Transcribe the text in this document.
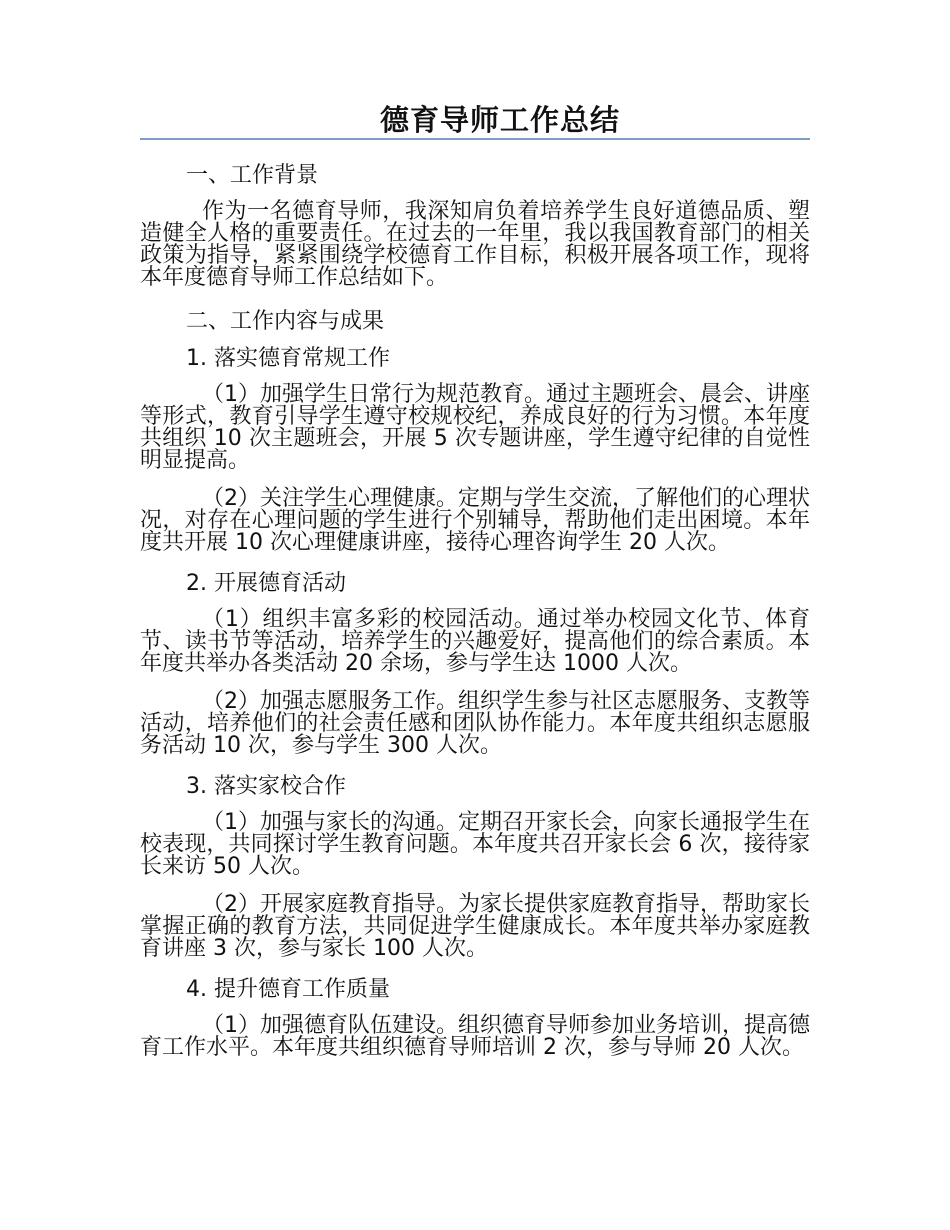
德育导师工作总结

一、工作背景

作为一名德育导师，我深知肩负着培养学生良好道德品质、塑造健全人格的重要责任。在过去的一年里，我以我国教育部门的相关政策为指导，紧紧围绕学校德育工作目标，积极开展各项工作，现将本年度德育导师工作总结如下。

二、工作内容与成果

1. 落实德育常规工作

（1）加强学生日常行为规范教育。通过主题班会、晨会、讲座等形式，教育引导学生遵守校规校纪，养成良好的行为习惯。本年度共组织 10 次主题班会，开展 5 次专题讲座，学生遵守纪律的自觉性明显提高。

（2）关注学生心理健康。定期与学生交流，了解他们的心理状况，对存在心理问题的学生进行个别辅导，帮助他们走出困境。本年度共开展 10 次心理健康讲座，接待心理咨询学生 20 人次。

2. 开展德育活动

（1）组织丰富多彩的校园活动。通过举办校园文化节、体育节、读书节等活动，培养学生的兴趣爱好，提高他们的综合素质。本年度共举办各类活动 20 余场，参与学生达 1000 人次。

（2）加强志愿服务工作。组织学生参与社区志愿服务、支教等活动，培养他们的社会责任感和团队协作能力。本年度共组织志愿服务活动 10 次，参与学生 300 人次。

3. 落实家校合作

（1）加强与家长的沟通。定期召开家长会，向家长通报学生在校表现，共同探讨学生教育问题。本年度共召开家长会 6 次，接待家长来访 50 人次。

（2）开展家庭教育指导。为家长提供家庭教育指导，帮助家长掌握正确的教育方法，共同促进学生健康成长。本年度共举办家庭教育讲座 3 次，参与家长 100 人次。

4. 提升德育工作质量

（1）加强德育队伍建设。组织德育导师参加业务培训，提高德育工作水平。本年度共组织德育导师培训 2 次，参与导师 20 人次。
